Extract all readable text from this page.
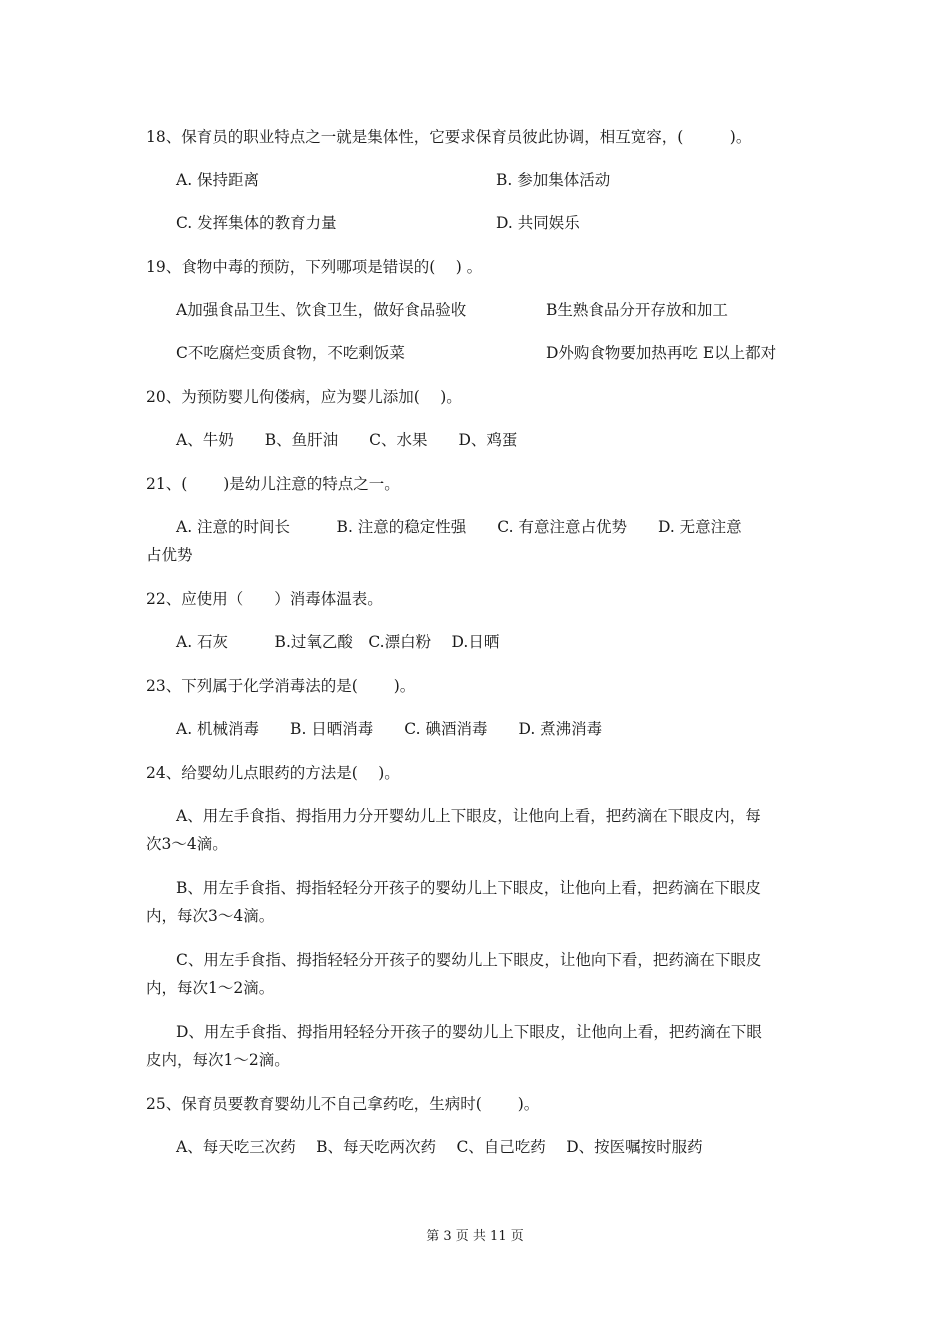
18、保育员的职业特点之一就是集体性，它要求保育员彼此协调，相互宽容，(　　　)。
A. 保持距离	B. 参加集体活动
C. 发挥集体的教育力量	D. 共同娱乐
19、食物中毒的预防，下列哪项是错误的(　 ) 。
A加强食品卫生、饮食卫生，做好食品验收	B生熟食品分开存放和加工
C不吃腐烂变质食物，不吃剩饭菜	D外购食物要加热再吃 E以上都对
20、为预防婴儿佝偻病，应为婴儿添加(　 )。
A、牛奶　　B、鱼肝油　　C、水果　　D、鸡蛋
21、(　　 )是幼儿注意的特点之一。
A. 注意的时间长　　　B. 注意的稳定性强　　C. 有意注意占优势　　D. 无意注意
占优势
22、应使用（　　）消毒体温表。
A. 石灰　　　B.过氧乙酸　C.漂白粉　 D.日晒
23、下列属于化学消毒法的是(　　 )。
A. 机械消毒　　B. 日晒消毒　　C. 碘酒消毒　　D. 煮沸消毒
24、给婴幼儿点眼药的方法是(　 )。
A、用左手食指、拇指用力分开婴幼儿上下眼皮，让他向上看，把药滴在下眼皮内，每
次3～4滴。
B、用左手食指、拇指轻轻分开孩子的婴幼儿上下眼皮，让他向上看，把药滴在下眼皮
内，每次3～4滴。
C、用左手食指、拇指轻轻分开孩子的婴幼儿上下眼皮，让他向下看，把药滴在下眼皮
内，每次1～2滴。
D、用左手食指、拇指用轻轻分开孩子的婴幼儿上下眼皮，让他向上看，把药滴在下眼
皮内，每次1～2滴。
25、保育员要教育婴幼儿不自己拿药吃，生病时(　　 )。
A、每天吃三次药　 B、每天吃两次药　 C、自己吃药　 D、按医嘱按时服药
第 3 页 共 11 页
